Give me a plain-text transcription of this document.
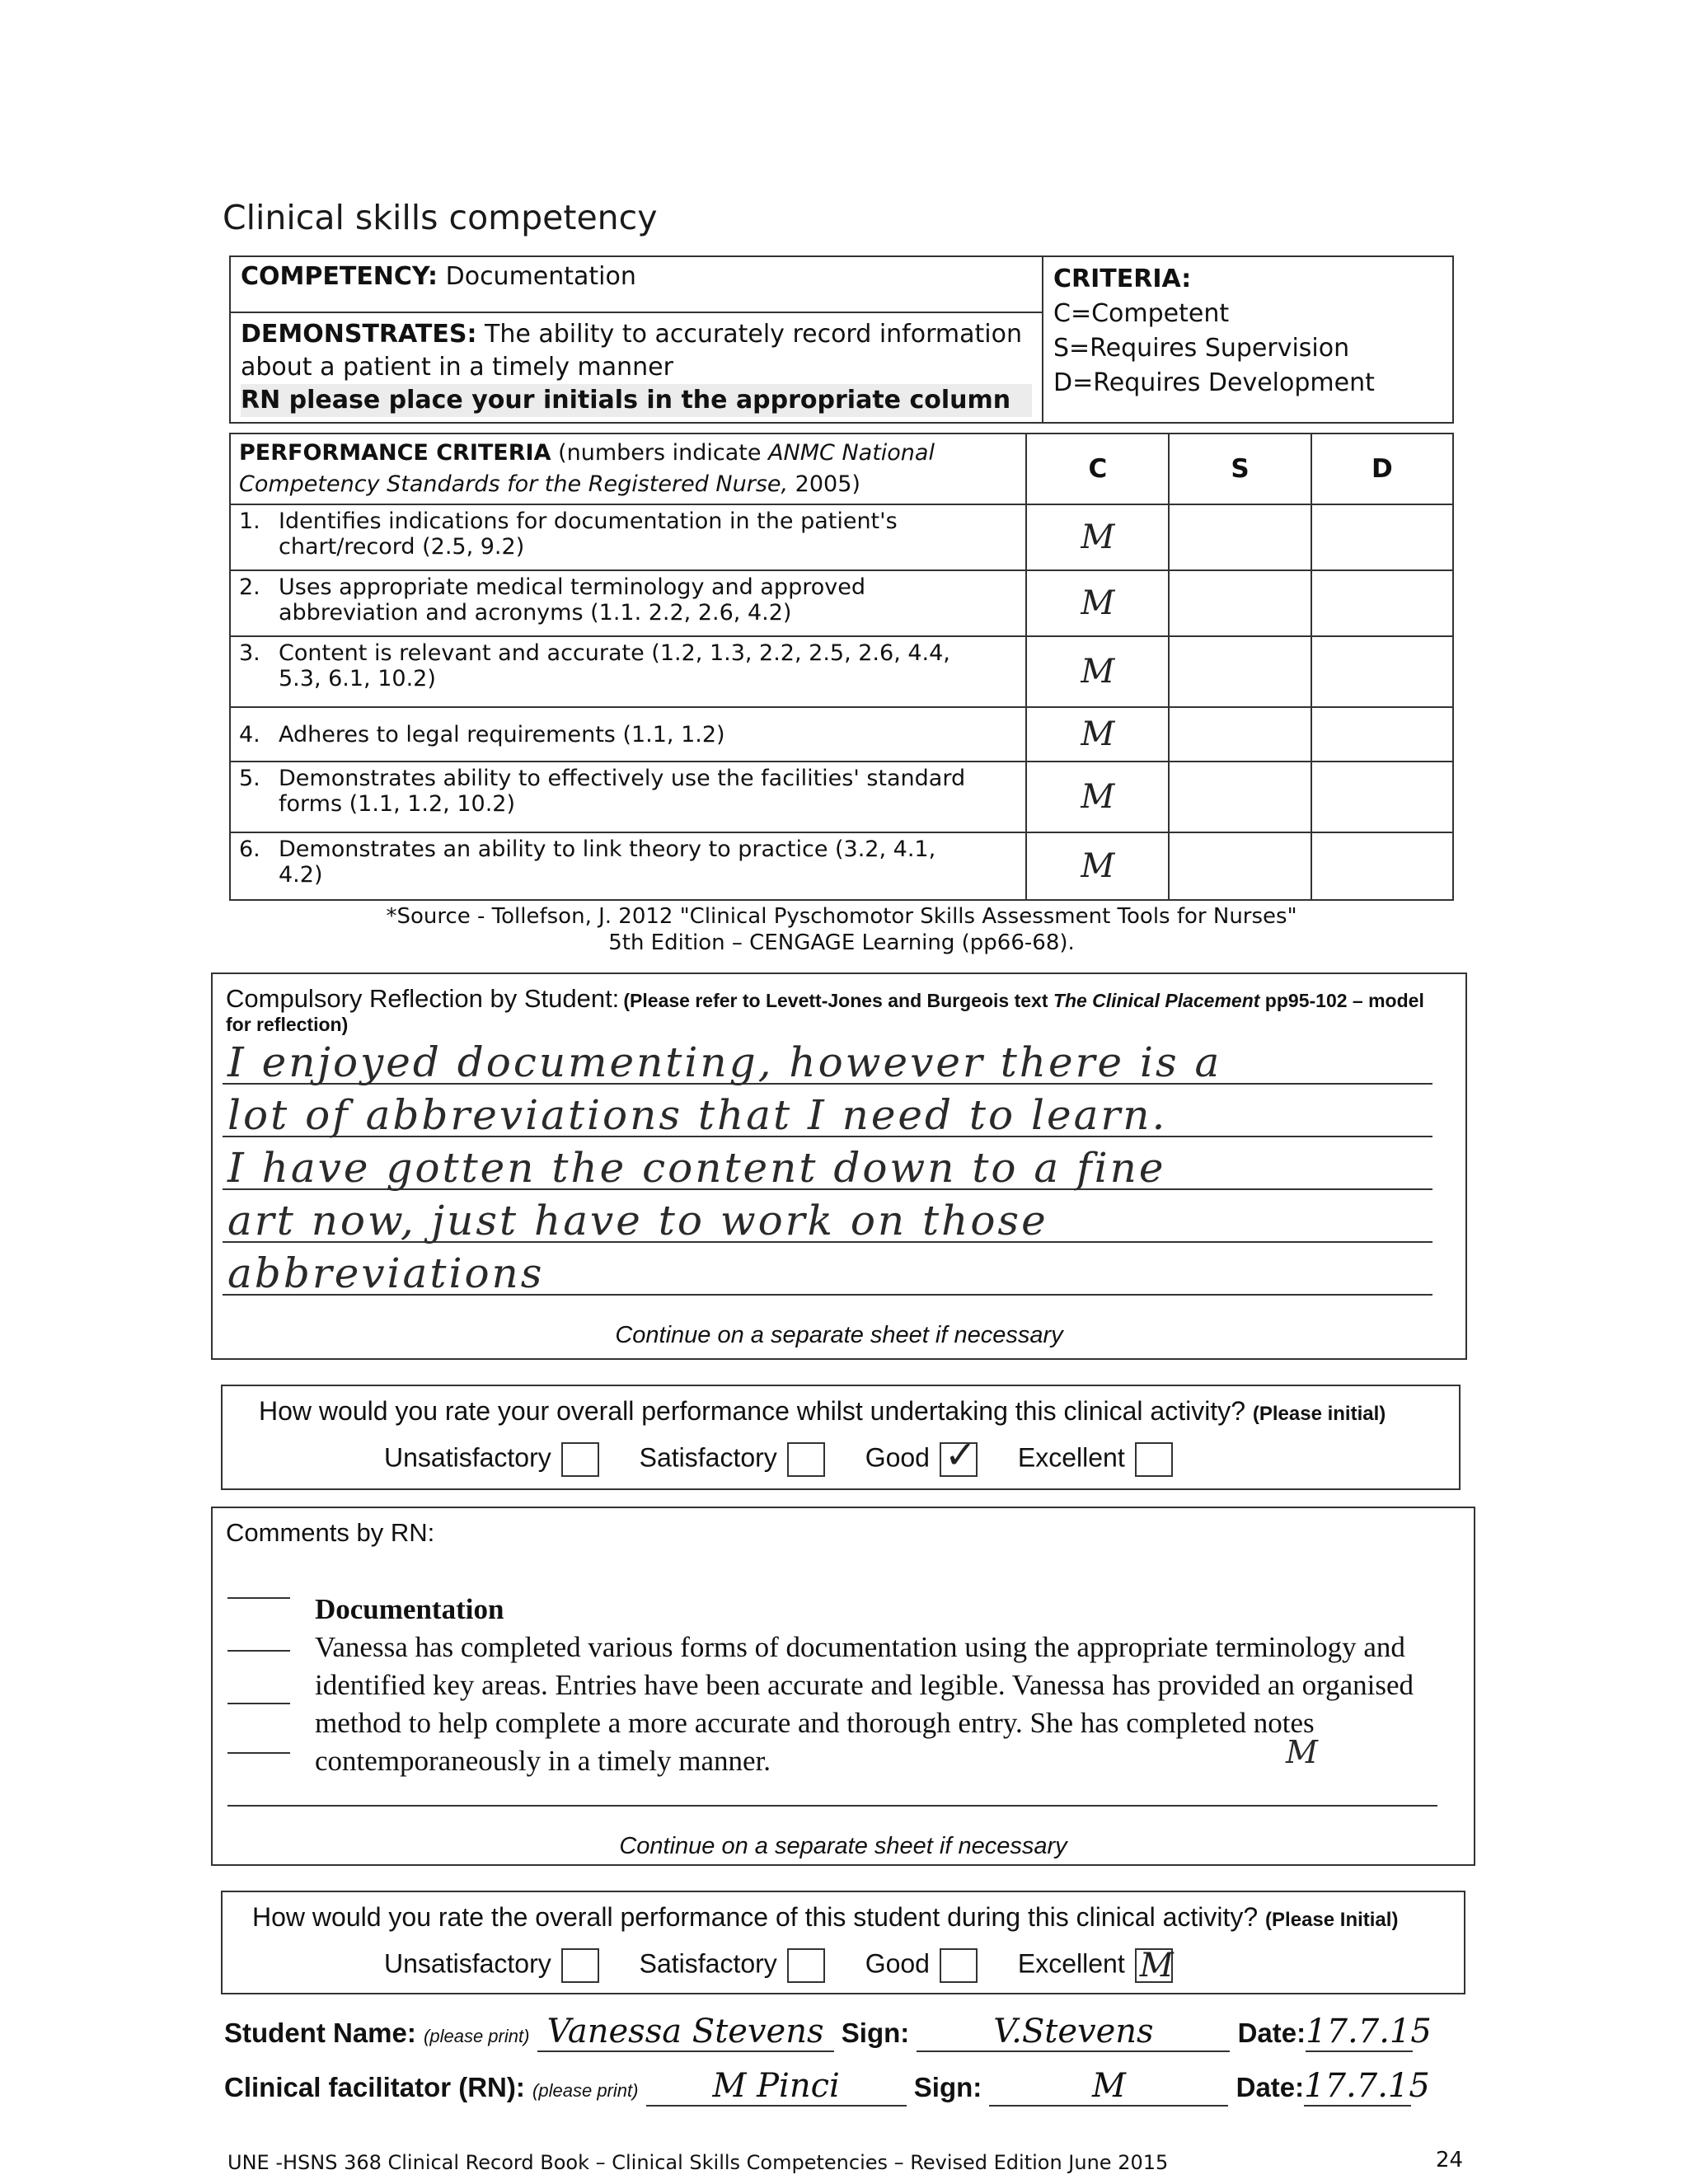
Clinical skills competency
COMPETENCY: Documentation	CRITERIA:
C=Competent
S=Requires Supervision
D=Requires Development

DEMONSTRATES: The ability to accurately record information about a patient in a timely manner
RN please place your initials in the appropriate column
PERFORMANCE CRITERIA (numbers indicate ANMC National Competency Standards for the Registered Nurse, 2005)	C	S	D
1. Identifies indications for documentation in the patient's chart/record (2.5, 9.2)	M		
2. Uses appropriate medical terminology and approved abbreviation and acronyms (1.1. 2.2, 2.6, 4.2)	M		
3. Content is relevant and accurate (1.2, 1.3, 2.2, 2.5, 2.6, 4.4, 5.3, 6.1, 10.2)	M		
4. Adheres to legal requirements (1.1, 1.2)	M		
5. Demonstrates ability to effectively use the facilities' standard forms (1.1, 1.2, 10.2)	M		
6. Demonstrates an ability to link theory to practice (3.2, 4.1, 4.2)	M		
*Source - Tollefson, J. 2012 "Clinical Pyschomotor Skills Assessment Tools for Nurses"
5th Edition – CENGAGE Learning (pp66-68).
Compulsory Reflection by Student: (Please refer to Levett-Jones and Burgeois text The Clinical Placement pp95-102 – model for reflection)
I enjoyed documenting, however there is a
lot of abbreviations that I need to learn.
I have gotten the content down to a fine
art now, just have to work on those
abbreviations
Continue on a separate sheet if necessary
How would you rate your overall performance whilst undertaking this clinical activity? (Please initial)
Unsatisfactory	Satisfactory	Good ✓ Excellent
Comments by RN:
Documentation
Vanessa has completed various forms of documentation using the appropriate terminology and identified key areas. Entries have been accurate and legible. Vanessa has provided an organised method to help complete a more accurate and thorough entry. She has completed notes contemporaneously in a timely manner.	M
Continue on a separate sheet if necessary
How would you rate the overall performance of this student during this clinical activity? (Please Initial)
Unsatisfactory	Satisfactory	Good	Excellent M
Student Name: (please print) Vanessa Stevens Sign:	V.Stevens	Date:17.7.15
Clinical facilitator (RN): (please print) M Pinci	Sign:	M	Date:17.7.15
UNE -HSNS 368 Clinical Record Book – Clinical Skills Competencies – Revised Edition June 2015	24
